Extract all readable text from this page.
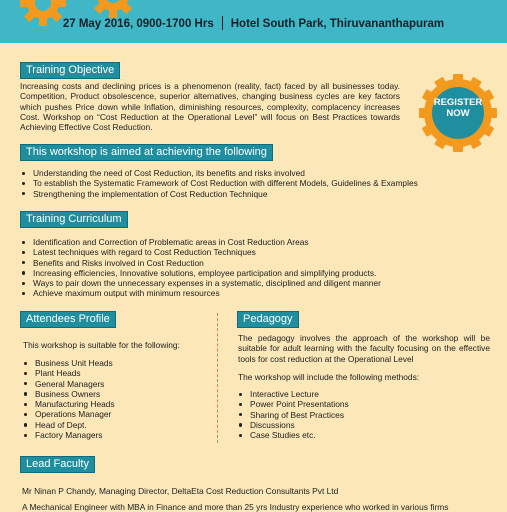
27 May 2016, 0900-1700 Hrs Hotel South Park, Thiruvananthapuram
REGISTER
NOW
Training Objective
Increasing costs and declining prices is a phenomenon (reality, fact) faced by all businesses today. Competition, Product obsolescence, superior alternatives, changing business cycles are key factors which pushes Price down while Inflation, diminishing resources, complexity, complacency increases Cost. Workshop on “Cost Reduction at the Operational Level” will focus on Best Practices towards Achieving Effective Cost Reduction.
This workshop is aimed at achieving the following
Understanding the need of Cost Reduction, its benefits and risks involved
To establish the Systematic Framework of Cost Reduction with different Models, Guidelines & Examples
Strengthening the implementation of Cost Reduction Technique
Training Curriculum
Identification and Correction of Problematic areas in Cost Reduction Areas
Latest techniques with regard to Cost Reduction Techniques
Benefits and Risks involved in Cost Reduction
Increasing efficiencies, Innovative solutions, employee participation and simplifying products.
Ways to pair down the unnecessary expenses in a systematic, disciplined and diligent manner
Achieve maximum output with minimum resources
Attendees Profile
This workshop is suitable for the following:
Business Unit Heads
Plant Heads
General Managers
Business Owners
Manufacturing Heads
Operations Manager
Head of Dept.
Factory Managers
Pedagogy
The pedagogy involves the approach of the workshop will be suitable for adult learning with the faculty focusing on the effective tools for cost reduction at the Operational Level
The workshop will include the following methods:
Interactive Lecture
Power Point Presentations
Sharing of Best Practices
Discussions
Case Studies etc.
Lead Faculty
Mr Ninan P Chandy, Managing Director, DeltaEta Cost Reduction Consultants Pvt Ltd
A Mechanical Engineer with MBA in Finance and more than 25 yrs Industry experience who worked in various firms
